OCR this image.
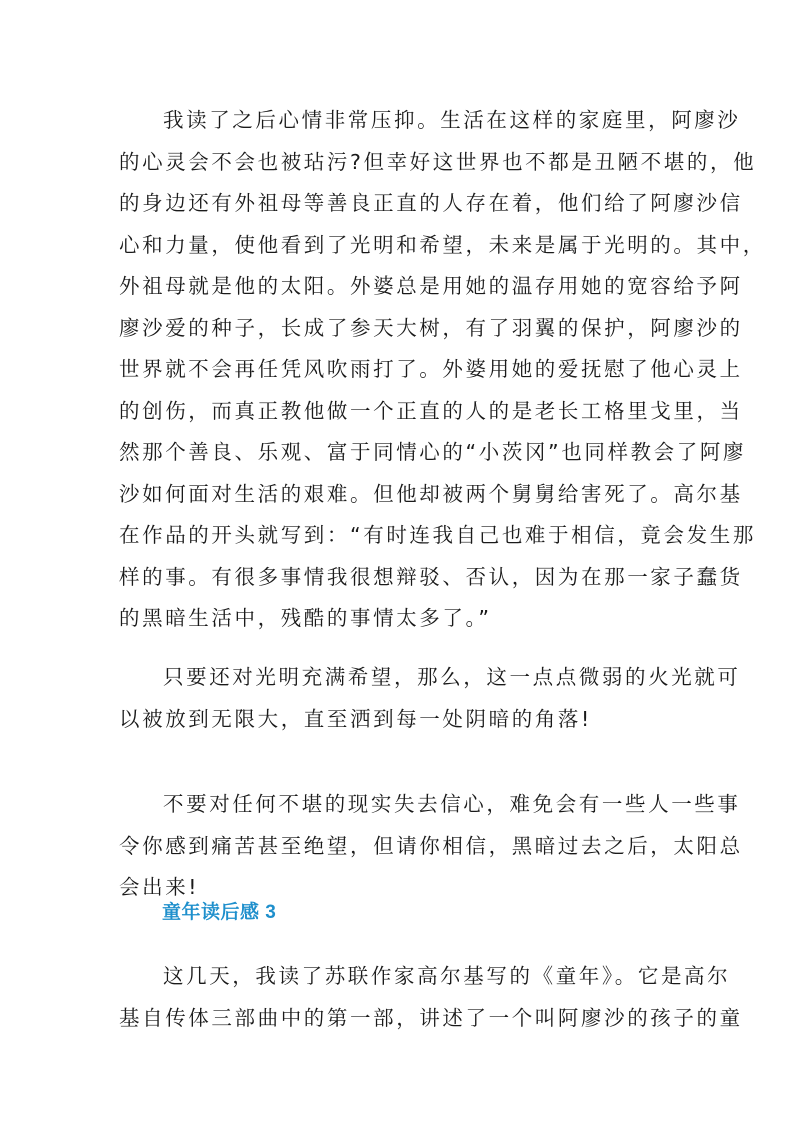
我读了之后心情非常压抑。生活在这样的家庭里，阿廖沙
的心灵会不会也被玷污?但幸好这世界也不都是丑陋不堪的，他
的身边还有外祖母等善良正直的人存在着，他们给了阿廖沙信
心和力量，使他看到了光明和希望，未来是属于光明的。其中，
外祖母就是他的太阳。外婆总是用她的温存用她的宽容给予阿
廖沙爱的种子，长成了参天大树，有了羽翼的保护，阿廖沙的
世界就不会再任凭风吹雨打了。外婆用她的爱抚慰了他心灵上
的创伤，而真正教他做一个正直的人的是老长工格里戈里，当
然那个善良、乐观、富于同情心的“小茨冈”也同样教会了阿廖
沙如何面对生活的艰难。但他却被两个舅舅给害死了。高尔基
在作品的开头就写到：“有时连我自己也难于相信，竟会发生那
样的事。有很多事情我很想辩驳、否认，因为在那一家子蠢货
的黑暗生活中，残酷的事情太多了。”
只要还对光明充满希望，那么，这一点点微弱的火光就可
以被放到无限大，直至洒到每一处阴暗的角落!
不要对任何不堪的现实失去信心，难免会有一些人一些事
令你感到痛苦甚至绝望，但请你相信，黑暗过去之后，太阳总
会出来!
童年读后感 3
这几天，我读了苏联作家高尔基写的《童年》。它是高尔
基自传体三部曲中的第一部，讲述了一个叫阿廖沙的孩子的童
